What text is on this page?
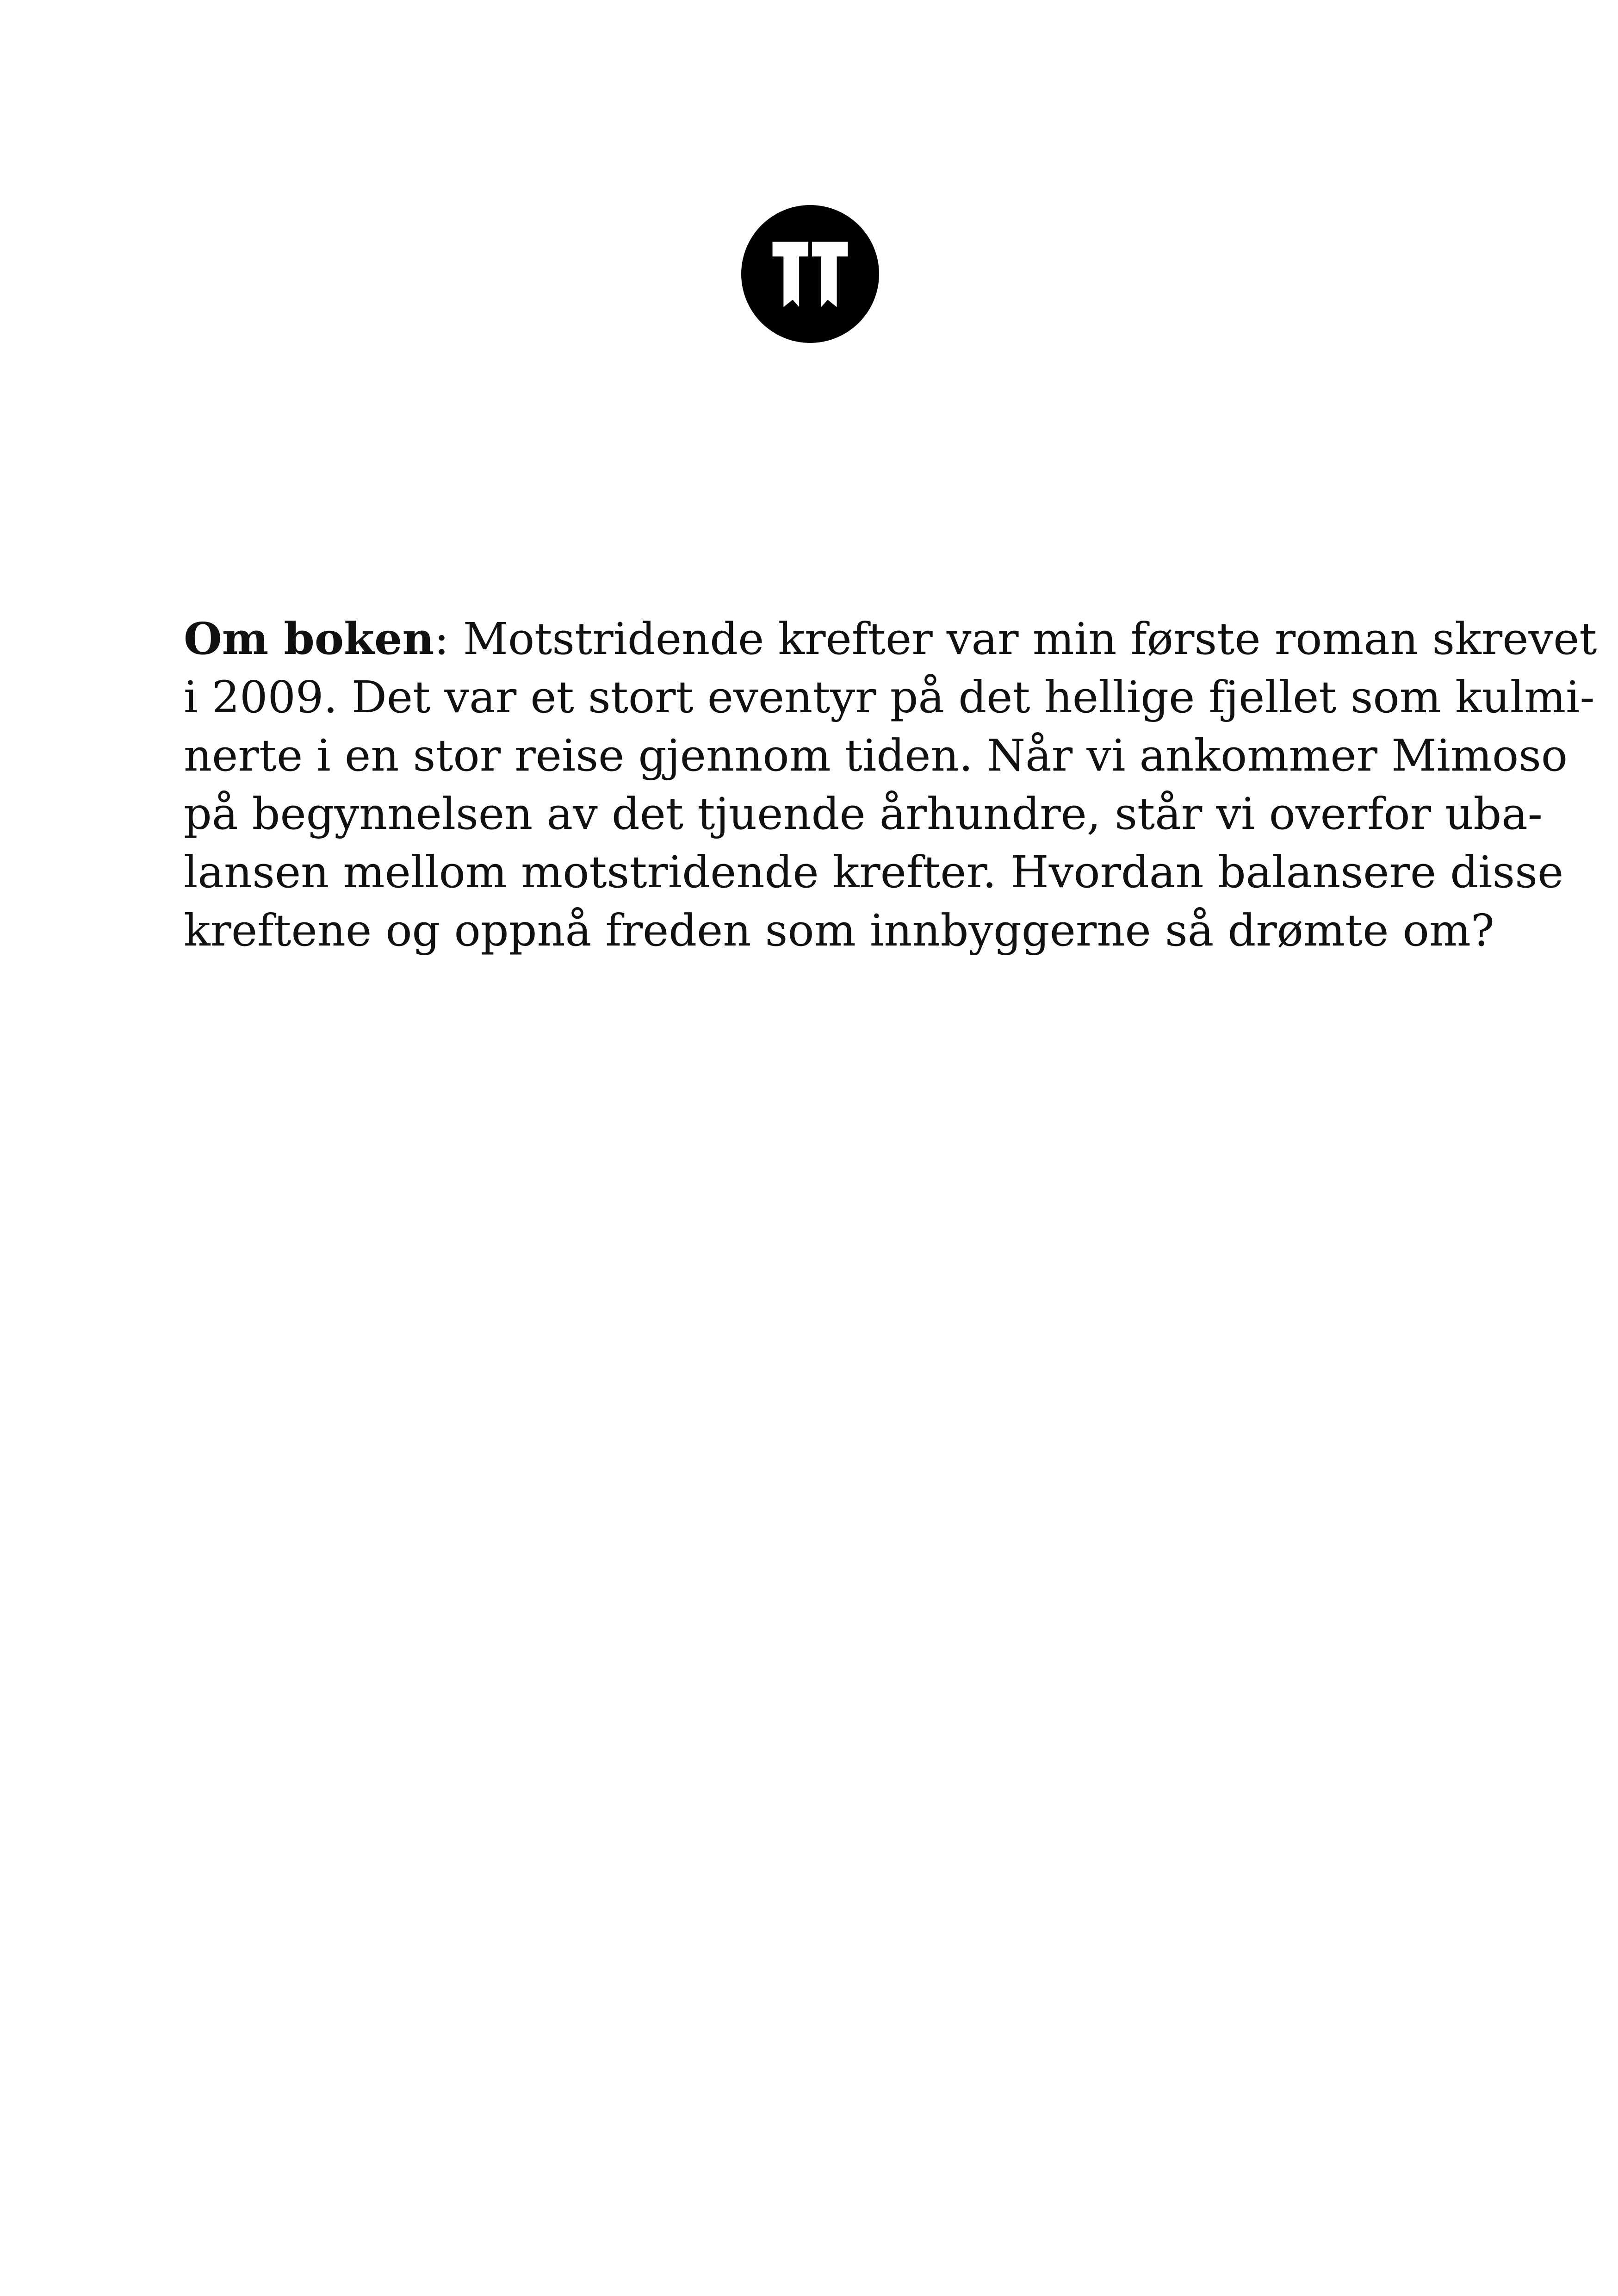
Om boken: Motstridende krefter var min første roman skrevet
i 2009. Det var et stort eventyr på det hellige fjellet som kulmi-
nerte i en stor reise gjennom tiden. Når vi ankommer Mimoso
på begynnelsen av det tjuende århundre, står vi overfor uba-
lansen mellom motstridende krefter. Hvordan balansere disse
kreftene og oppnå freden som innbyggerne så drømte om?
